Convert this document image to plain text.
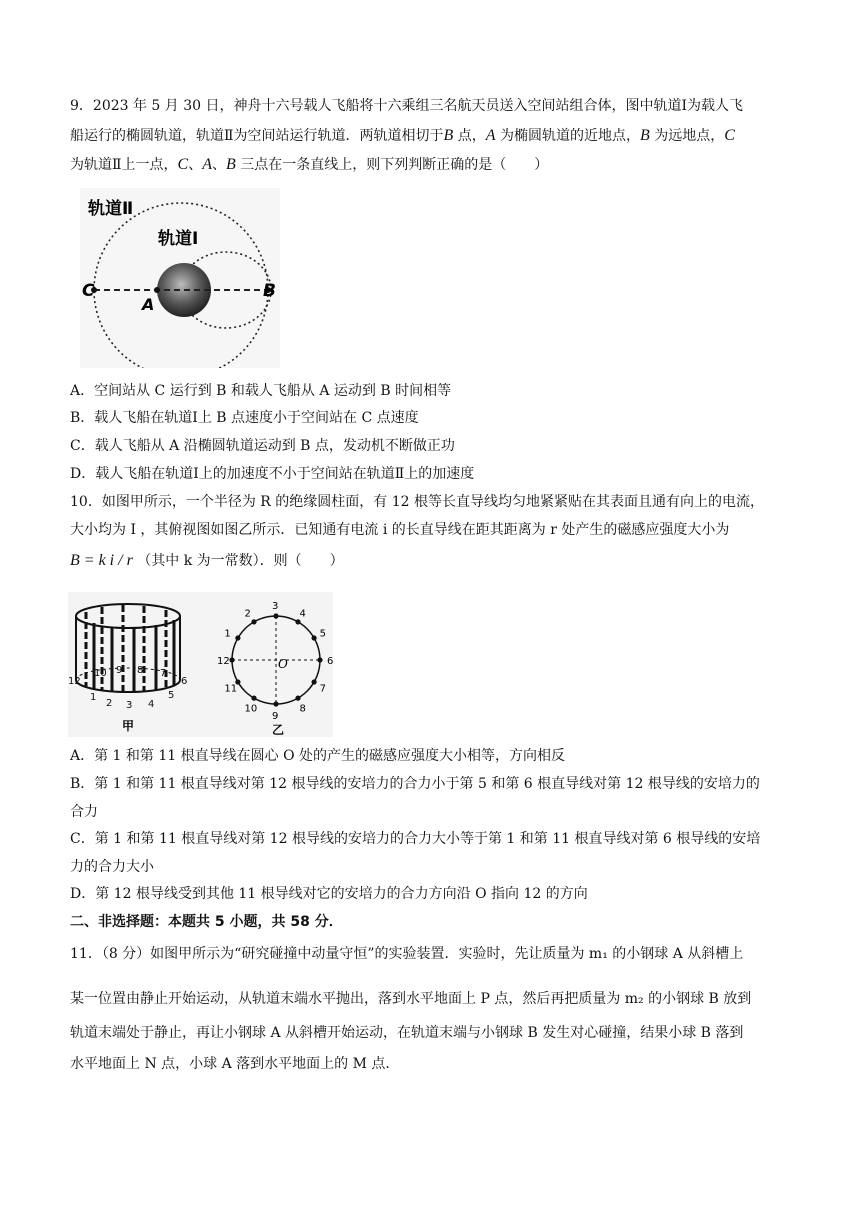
9．2023 年 5 月 30 日，神舟十六号载人飞船将十六乘组三名航天员送入空间站组合体，图中轨道Ⅰ为载人飞
船运行的椭圆轨道，轨道Ⅱ为空间站运行轨道．两轨道相切于B 点，A 为椭圆轨道的近地点，B 为远地点，C
为轨道Ⅱ上一点，C、A、B 三点在一条直线上，则下列判断正确的是（　　）
轨道Ⅱ
轨道Ⅰ
C
A
B
A．空间站从 C 运行到 B 和载人飞船从 A 运动到 B 时间相等
B．载人飞船在轨道Ⅰ上 B 点速度小于空间站在 C 点速度
C．载人飞船从 A 沿椭圆轨道运动到 B 点，发动机不断做正功
D．载人飞船在轨道Ⅰ上的加速度不小于空间站在轨道Ⅱ上的加速度
10．如图甲所示，一个半径为 R 的绝缘圆柱面，有 12 根等长直导线均匀地紧紧贴在其表面且通有向上的电流，
大小均为 I ，其俯视图如图乙所示．已知通有电流 i 的长直导线在距其距离为 r 处产生的磁感应强度大小为
B = k i / r （其中 k 为一常数）．则（　　）
12
1
2 3 4
5
6
7
8
9
10
甲
O
1
2
3
4
5
6
7
8
9
10
11
12
乙
A．第 1 和第 11 根直导线在圆心 O 处的产生的磁感应强度大小相等，方向相反
B．第 1 和第 11 根直导线对第 12 根导线的安培力的合力小于第 5 和第 6 根直导线对第 12 根导线的安培力的
合力
C．第 1 和第 11 根直导线对第 12 根导线的安培力的合力大小等于第 1 和第 11 根直导线对第 6 根导线的安培
力的合力大小
D．第 12 根导线受到其他 11 根导线对它的安培力的合力方向沿 O 指向 12 的方向
二、非选择题：本题共 5 小题，共 58 分．
11．（8 分）如图甲所示为“研究碰撞中动量守恒”的实验装置．实验时，先让质量为 m₁ 的小钢球 A 从斜槽上
某一位置由静止开始运动，从轨道末端水平抛出，落到水平地面上 P 点，然后再把质量为 m₂ 的小钢球 B 放到
轨道末端处于静止，再让小钢球 A 从斜槽开始运动，在轨道末端与小钢球 B 发生对心碰撞，结果小球 B 落到
水平地面上 N 点，小球 A 落到水平地面上的 M 点．
